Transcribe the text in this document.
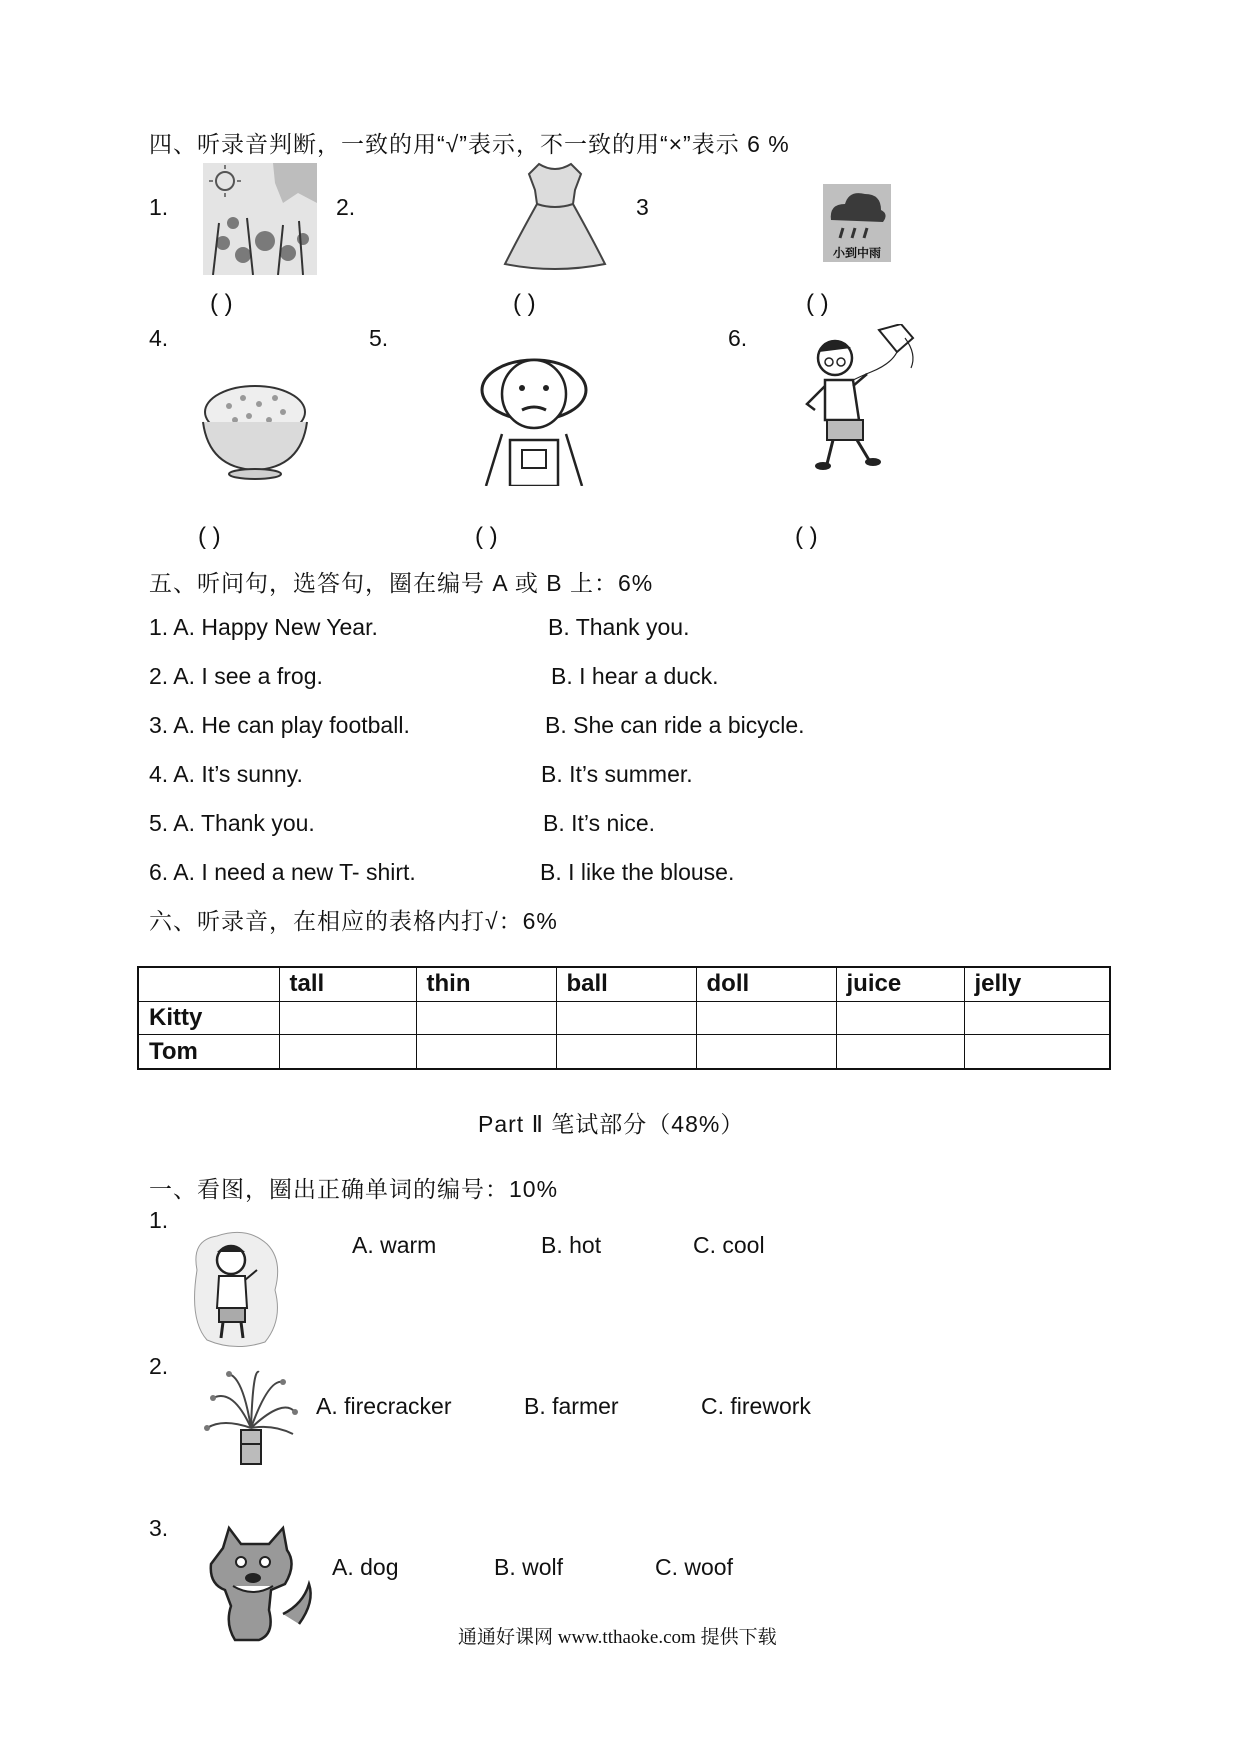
四、听录音判断，一致的用“√”表示，不一致的用“×”表示 6 %
1.	2.	3
小到中雨
( )	( )	( )
4.	5.	6.
( )	( )	( )
五、听问句，选答句，圈在编号 A 或 B 上：6%
1. A. Happy New Year.	B. Thank you.
2. A. I see a frog.	B. I hear a duck.
3. A. He can play football.	B. She can ride a bicycle.
4. A. It’s sunny.	B. It’s summer.
5. A. Thank you.	B. It’s nice.
6. A. I need a new T- shirt.	B. I like the blouse.
六、听录音，在相应的表格内打√：6%
	tall	thin	ball	doll	juice	jelly
Kitty						
Tom						
Part Ⅱ 笔试部分（48%）
一、看图，圈出正确单词的编号：10%
1.
A. warm	B. hot	C. cool
2.
A. firecracker	B. farmer	C. firework
3.
A. dog	B. wolf	C. woof
通通好课网 www.tthaoke.com 提供下载
